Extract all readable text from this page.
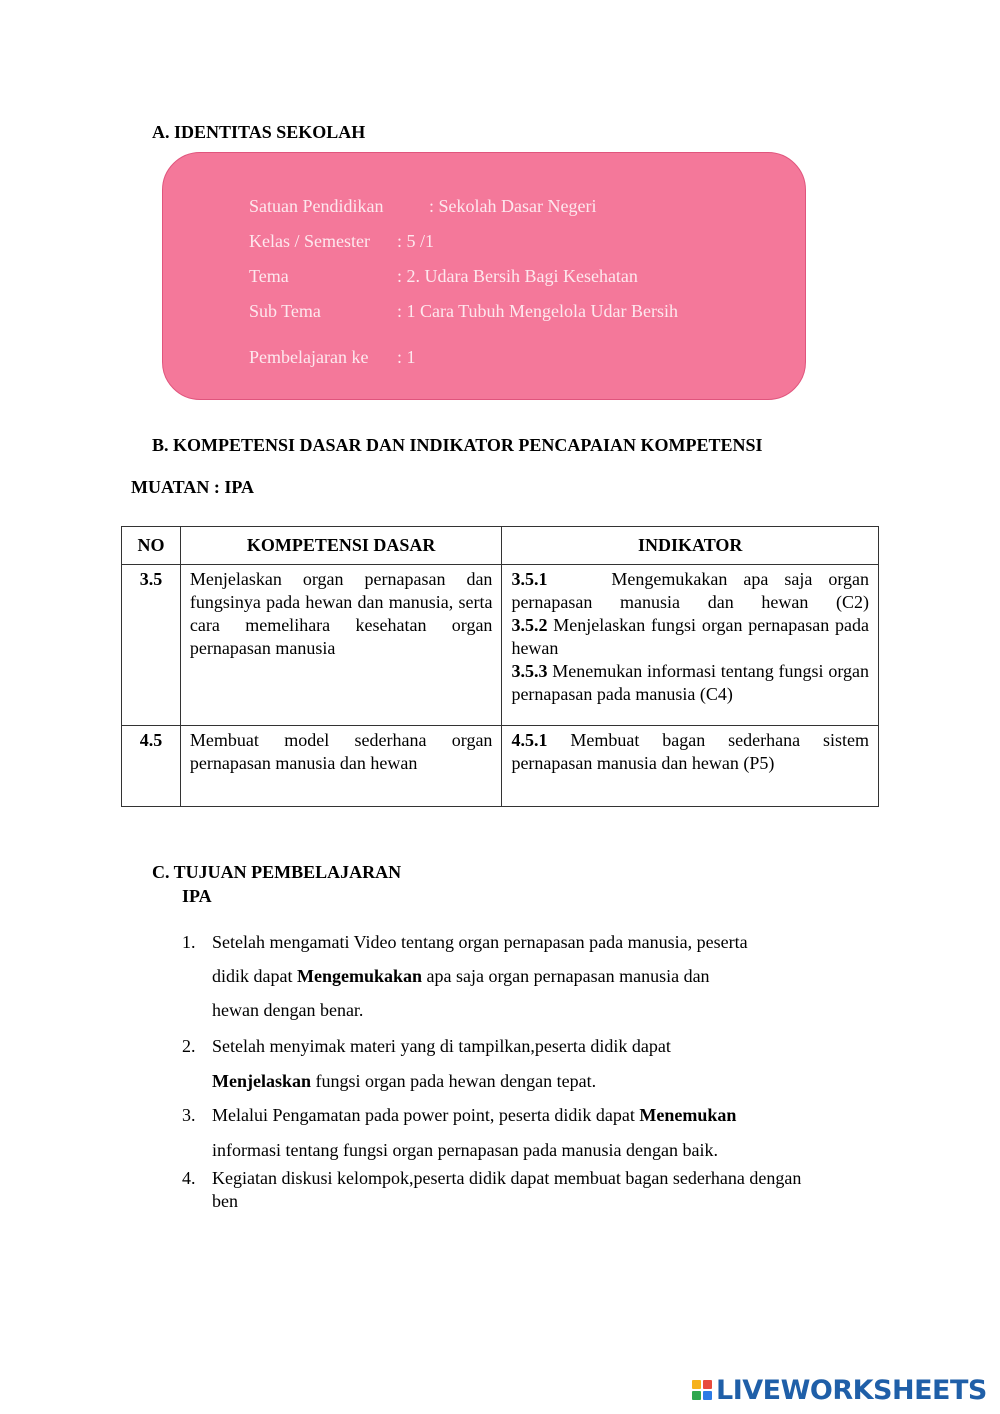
A. IDENTITAS SEKOLAH
Satuan Pendidikan	: Sekolah Dasar Negeri
Kelas / Semester : 5 /1
Tema	: 2. Udara Bersih Bagi Kesehatan
Sub Tema	: 1 Cara Tubuh Mengelola Udar Bersih
Pembelajaran ke : 1
B. KOMPETENSI DASAR DAN INDIKATOR PENCAPAIAN KOMPETENSI
MUATAN : IPA
NO	KOMPETENSI DASAR	INDIKATOR
3.5	Menjelaskan organ pernapasan dan fungsinya pada hewan dan manusia, serta cara memelihara kesehatan organ pernapasan manusia	3.5.1 Mengemukakan apa saja organ pernapasan manusia dan hewan (C2)
3.5.2 Menjelaskan fungsi organ pernapasan pada hewan
3.5.3 Menemukan informasi tentang fungsi organ pernapasan pada manusia (C4)

4.5	Membuat model sederhana organ pernapasan manusia dan hewan	4.5.1 Membuat bagan sederhana sistem pernapasan manusia dan hewan (P5)
C. TUJUAN PEMBELAJARAN
IPA
1. Setelah mengamati Video tentang organ pernapasan pada manusia, peserta
didik dapat Mengemukakan apa saja organ pernapasan manusia dan
hewan dengan benar.
2. Setelah menyimak materi yang di tampilkan,peserta didik dapat
Menjelaskan fungsi organ pada hewan dengan tepat.
3. Melalui Pengamatan pada power point, peserta didik dapat Menemukan
informasi tentang fungsi organ pernapasan pada manusia dengan baik.
4. Kegiatan diskusi kelompok,peserta didik dapat membuat bagan sederhana dengan
ben
LIVEWORKSHEETS
